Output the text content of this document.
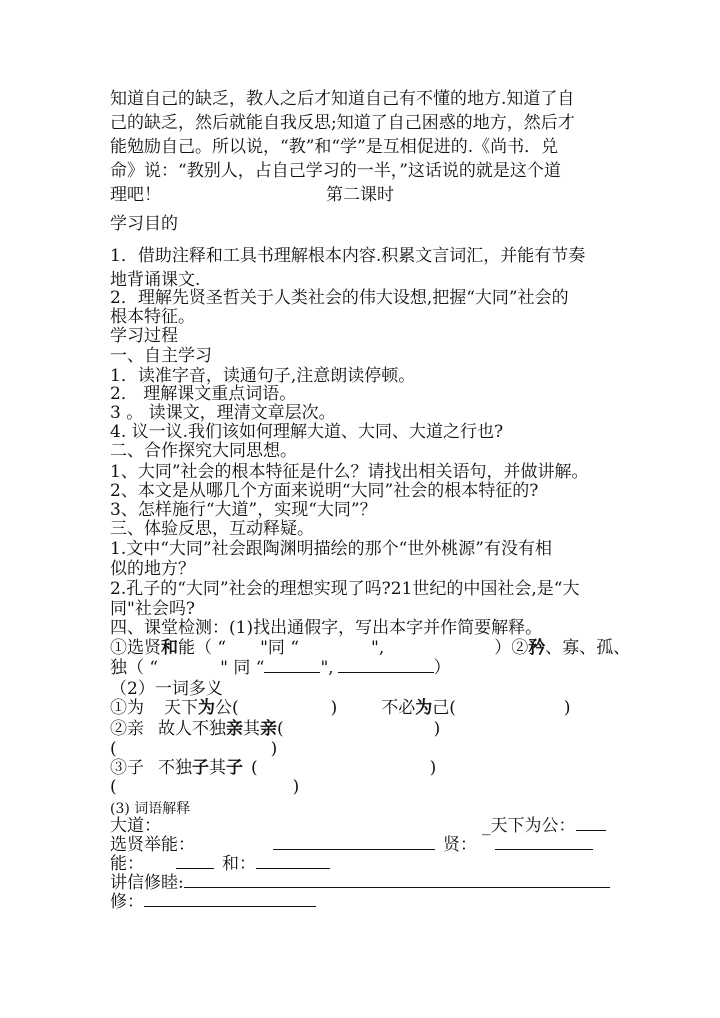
知道自己的缺乏，教人之后才知道自己有不懂的地方.知道了自
己的缺乏，然后就能自我反思;知道了自己困惑的地方，然后才
能勉励自己。所以说，“教”和“学”是互相促进的.《尚书．兑
命》说：“教别人，占自己学习的一半，”这话说的就是这个道
理吧！	第二课时
学习目的
1．借助注释和工具书理解根本内容.积累文言词汇，并能有节奏
地背诵课文.
2．理解先贤圣哲关于人类社会的伟大设想,把握“大同”社会的
根本特征。
学习过程
一、自主学习
1．读准字音，读通句子,注意朗读停顿。
2． 理解课文重点词语。
3 。 读课文，理清文章层次。
4. 议一议.我们该如何理解大道、大同、大道之行也?
二、合作探究大同思想。
1、大同”社会的根本特征是什么？请找出相关语句，并做讲解。
2、本文是从哪几个方面来说明“大同”社会的根本特征的?
3、怎样施行“大道”，实现“大同”？
三、体验反思，互动释疑。
1.文中“大同”社会跟陶渊明描绘的那个“世外桃源”有没有相
似的地方？
2.孔子的“大同”社会的理想实现了吗?21世纪的中国社会,是“大
同"社会吗?
四、课堂检测：(1)找出通假字，写出本字并作简要解释。
①选贤和能（ “ "同 “	",	）②矜、寡、孤、
独（ “	" 同 “	",	）
（2）一词多义
①为 天下为公(	)	不必为己(	)
②亲 故人不独亲其亲(	)
(	)
③子 不独子其子 (	)
(	)
(3) 词语解释
大道：	_天下为公：
选贤举能：	贤：
能：	和：
讲信修睦:
修：
